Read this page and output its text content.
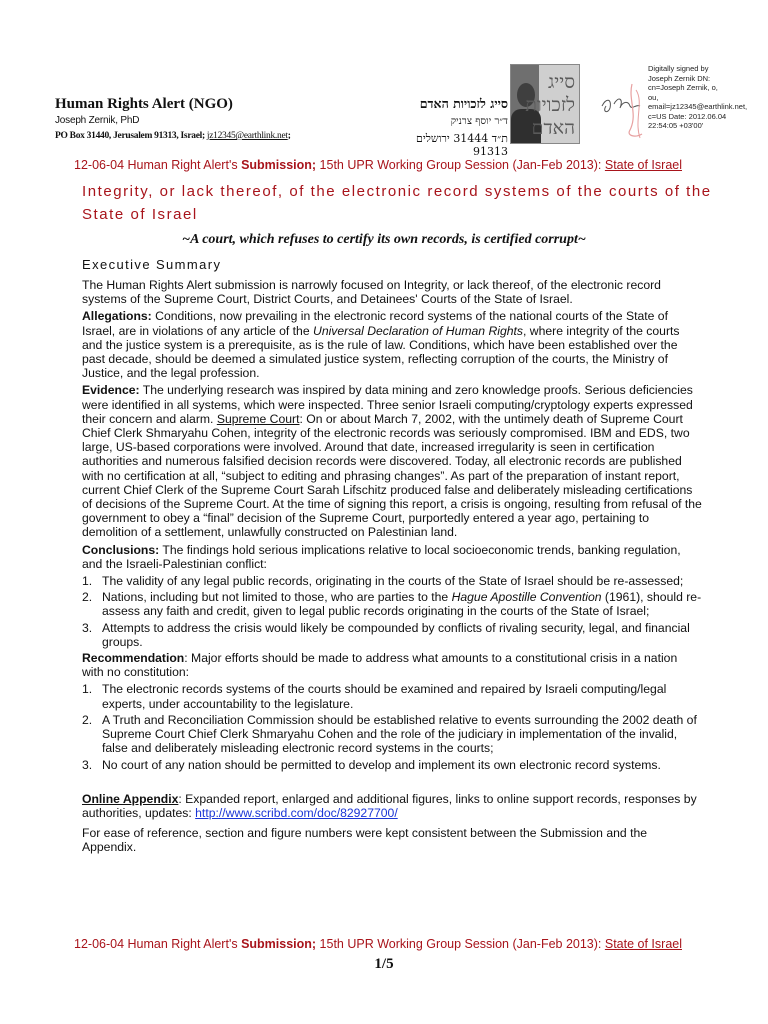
Human Rights Alert (NGO)
Joseph Zernik, PhD
PO Box 31440, Jerusalem 91313, Israel; jz12345@earthlink.net;
סייג לזכויות האדם
ד״ר יוסף צרניק
ת״ד 31444 ירושלים 91313
סייג
לזכויות
האדם
Digitally signed by Joseph Zernik DN: cn=Joseph Zernik, o, ou, email=jz12345@earthlink.net, c=US Date: 2012.06.04 22:54:05 +03'00'
12-06-04 Human Right Alert's Submission; 15th UPR Working Group Session (Jan-Feb 2013): State of Israel
Integrity, or lack thereof, of the electronic record systems of the courts of the State of Israel
~A court, which refuses to certify its own records, is certified corrupt~
Executive Summary

The Human Rights Alert submission is narrowly focused on Integrity, or lack thereof, of the electronic record systems of the Supreme Court, District Courts, and Detainees' Courts of the State of Israel.

Allegations: Conditions, now prevailing in the electronic record systems of the national courts of the State of Israel, are in violations of any article of the Universal Declaration of Human Rights, where integrity of the courts and the justice system is a prerequisite, as is the rule of law. Conditions, which have been established over the past decade, should be deemed a simulated justice system, reflecting corruption of the courts, the Ministry of Justice, and the legal profession.

Evidence: The underlying research was inspired by data mining and zero knowledge proofs. Serious deficiencies were identified in all systems, which were inspected. Three senior Israeli computing/cryptology experts expressed their concern and alarm. Supreme Court: On or about March 7, 2002, with the untimely death of Supreme Court Chief Clerk Shmaryahu Cohen, integrity of the electronic records was seriously compromised. IBM and EDS, two large, US-based corporations were involved. Around that date, increased irregularity is seen in certification authorities and numerous falsified decision records were discovered. Today, all electronic records are published with no certification at all, “subject to editing and phrasing changes”. As part of the preparation of instant report, current Chief Clerk of the Supreme Court Sarah Lifschitz produced false and deliberately misleading certifications of decisions of the Supreme Court. At the time of signing this report, a crisis is ongoing, resulting from refusal of the government to obey a “final” decision of the Supreme Court, purportedly entered a year ago, pertaining to demolition of a settlement, unlawfully constructed on Palestinian land.

Conclusions: The findings hold serious implications relative to local socioeconomic trends, banking regulation, and the Israeli-Palestinian conflict:

1. The validity of any legal public records, originating in the courts of the State of Israel should be re-assessed;
2. Nations, including but not limited to those, who are parties to the Hague Apostille Convention (1961), should re-assess any faith and credit, given to legal public records originating in the courts of the State of Israel;
3. Attempts to address the crisis would likely be compounded by conflicts of rivaling security, legal, and financial groups.

Recommendation: Major efforts should be made to address what amounts to a constitutional crisis in a nation with no constitution:

1. The electronic records systems of the courts should be examined and repaired by Israeli computing/legal experts, under accountability to the legislature.
2. A Truth and Reconciliation Commission should be established relative to events surrounding the 2002 death of Supreme Court Chief Clerk Shmaryahu Cohen and the role of the judiciary in implementation of the invalid, false and deliberately misleading electronic record systems in the courts;
3. No court of any nation should be permitted to develop and implement its own electronic record systems.

Online Appendix: Expanded report, enlarged and additional figures, links to online support records, responses by authorities, updates: http://www.scribd.com/doc/82927700/

For ease of reference, section and figure numbers were kept consistent between the Submission and the Appendix.

12-06-04 Human Right Alert's Submission; 15th UPR Working Group Session (Jan-Feb 2013): State of Israel
1/5
